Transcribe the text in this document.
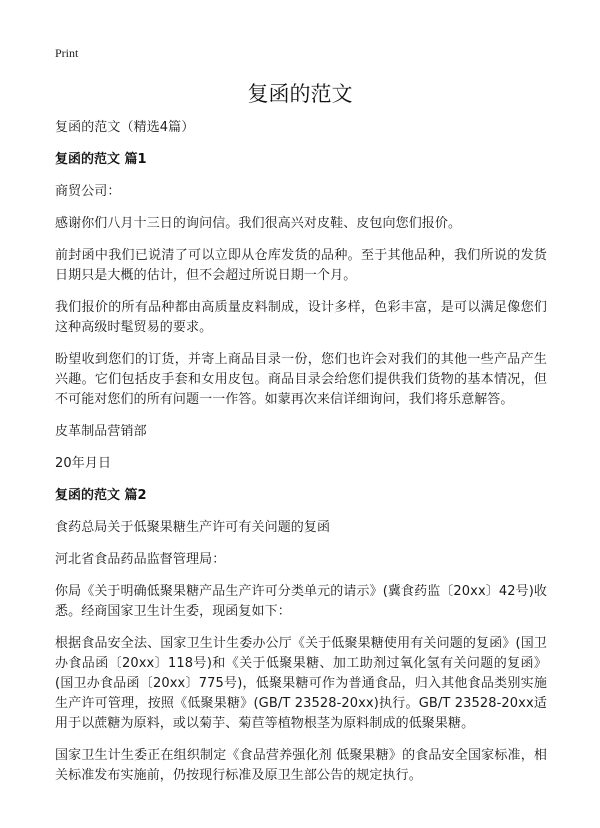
Print
复函的范文

复函的范文（精选4篇）

复函的范文 篇1

商贸公司：

感谢你们八月十三日的询问信。我们很高兴对皮鞋、皮包向您们报价。

前封函中我们已说清了可以立即从仓库发货的品种。至于其他品种，我们所说的发货日期只是大概的估计，但不会超过所说日期一个月。

我们报价的所有品种都由高质量皮料制成，设计多样，色彩丰富，是可以满足像您们这种高级时髦贸易的要求。

盼望收到您们的订货，并寄上商品目录一份，您们也许会对我们的其他一些产品产生兴趣。它们包括皮手套和女用皮包。商品目录会给您们提供我们货物的基本情况，但不可能对您们的所有问题一一作答。如蒙再次来信详细询问，我们将乐意解答。

皮革制品营销部

20年月日

复函的范文 篇2

食药总局关于低聚果糖生产许可有关问题的复函

河北省食品药品监督管理局：

你局《关于明确低聚果糖产品生产许可分类单元的请示》(冀食药监〔20xx〕42号)收悉。经商国家卫生计生委，现函复如下：

根据食品安全法、国家卫生计生委办公厅《关于低聚果糖使用有关问题的复函》(国卫办食品函〔20xx〕118号)和《关于低聚果糖、加工助剂过氧化氢有关问题的复函》(国卫办食品函〔20xx〕775号)，低聚果糖可作为普通食品，归入其他食品类别实施生产许可管理，按照《低聚果糖》(GB/T 23528-20xx)执行。GB/T 23528-20xx适用于以蔗糖为原料，或以菊芋、菊苣等植物根茎为原料制成的低聚果糖。

国家卫生计生委正在组织制定《食品营养强化剂 低聚果糖》的食品安全国家标准，相关标准发布实施前，仍按现行标准及原卫生部公告的规定执行。
